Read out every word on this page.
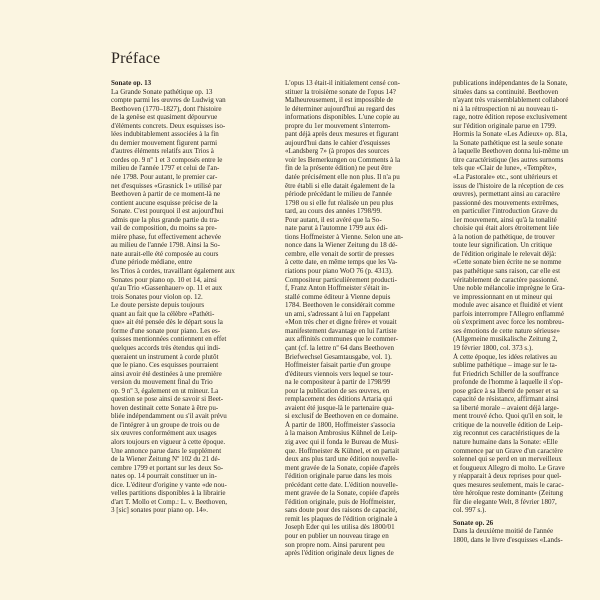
Préface
Sonate op. 13
La Grande Sonate pathétique op. 13
compte parmi les œuvres de Ludwig van
Beethoven (1770–1827), dont l'histoire
de la genèse est quasiment dépourvue
d'éléments concrets. Deux esquisses iso-
lées indubitablement associées à la fin
du dernier mouvement figurent parmi
d'autres éléments relatifs aux Trios à
cordes op. 9 nº 1 et 3 composés entre le
milieu de l'année 1797 et celui de l'an-
née 1798. Pour autant, le premier car-
net d'esquisses «Grasnick 1» utilisé par
Beethoven à partir de ce moment-là ne
contient aucune esquisse précise de la
Sonate. C'est pourquoi il est aujourd'hui
admis que la plus grande partie du tra-
vail de composition, du moins sa pre-
mière phase, fut effectivement achevée
au milieu de l'année 1798. Ainsi la So-
nate aurait-elle été composée au cours
d'une période médiane, entre
les Trios à cordes, travaillant également aux
Sonates pour piano op. 10 et 14, ainsi
qu'au Trio «Gassenhauer» op. 11 et aux
trois Sonates pour violon op. 12.
Le doute persiste depuis toujours
quant au fait que la célèbre «Pathéti-
que» ait été pensée dès le départ sous la
forme d'une sonate pour piano. Les es-
quisses mentionnées contiennent en effet
quelques accords très étendus qui indi-
queraient un instrument à corde plutôt
que le piano. Ces esquisses pourraient
ainsi avoir été destinées à une première
version du mouvement final du Trio
op. 9 nº 3, également en ut mineur. La
question se pose ainsi de savoir si Beet-
hoven destinait cette Sonate à être pu-
bliée indépendamment ou s'il avait prévu
de l'intégrer à un groupe de trois ou de
six œuvres conformément aux usages
alors toujours en vigueur à cette époque.
Une annonce parue dans le supplément
de la Wiener Zeitung Nº 102 du 21 dé-
cembre 1799 et portant sur les deux So-
nates op. 14 pourrait constituer un in-
dice. L'éditeur d'origine y vante «de nou-
velles partitions disponibles à la librairie
d'art T. Mollo et Comp.: L. v. Beethoven,
3 [sic] sonates pour piano op. 14».
L'opus 13 était-il initialement censé con-
stituer la troisième sonate de l'opus 14?
Malheureusement, il est impossible de
le déterminer aujourd'hui au regard des
informations disponibles. L'une copie au
propre du 1er mouvement s'interrom-
pant déjà après deux mesures et figurant
aujourd'hui dans le cahier d'esquisses
«Landsberg 7» (à propos des sources
voir les Bemerkungen ou Comments à la
fin de la présente édition) ne peut être
datée précisément elle non plus. Il n'a pu
être établi si elle datait également de la
période précédant le milieu de l'année
1798 ou si elle fut réalisée un peu plus
tard, au cours des années 1798/99.
Pour autant, il est avéré que la So-
nate parut à l'automne 1799 aux édi-
tions Hoffmeister à Vienne. Selon une an-
nonce dans la Wiener Zeitung du 18 dé-
cembre, elle venait de sortir de presses
à cette date, en même temps que les Va-
riations pour piano WoO 76 (p. 4313).
Compositeur particulièrement producti-
f, Franz Anton Hoffmeister s'était in-
stallé comme éditeur à Vienne depuis
1784. Beethoven le considérait comme
un ami, s'adressant à lui en l'appelant
«Mon très cher et digne frère» et vouait
manifestement davantage en lui l'artiste
aux affinités communes que le commer-
çant (cf. la lettre nº 64 dans Beethoven
Briefwechsel Gesamtausgabe, vol. 1).
Hoffmeister faisait partie d'un groupe
d'éditeurs viennois vers lequel se tour-
na le compositeur à partir de 1798/99
pour la publication de ses œuvres, en
remplacement des éditions Artaria qui
avaient été jusque-là le partenaire qua-
si exclusif de Beethoven en ce domaine.
À partir de 1800, Hoffmeister s'associa
à la maison Ambrosius Kühnel de Leip-
zig avec qui il fonda le Bureau de Musi-
que. Hoffmeister & Kühnel, et en partait
deux ans plus tard une édition nouvelle-
ment gravée de la Sonate, copiée d'après
l'édition originale parue dans les mois
précédant cette date. L'édition nouvelle-
ment gravée de la Sonate, copiée d'après
l'édition originale, puis de Hoffmeister,
sans doute pour des raisons de capacité,
remit les plaques de l'édition originale à
Joseph Eder qui les utilisa dès 1800/01
pour en publier un nouveau tirage en
son propre nom. Ainsi parurent peu
après l'édition originale deux lignes de
publications indépendantes de la Sonate,
situées dans sa continuité. Beethoven
n'ayant très vraisemblablement collaboré
ni à la rétrospection ni au nouveau ti-
rage, notre édition repose exclusivement
sur l'édition originale parue en 1799.
Hormis la Sonate «Les Adieux» op. 81a,
la Sonate pathétique est la seule sonate
à laquelle Beethoven donna lui-même un
titre caractéristique (les autres surnoms
tels que «Clair de lune», «Tempête»,
«La Pastorale» etc., sont ultérieurs et
issus de l'histoire de la réception de ces
œuvres), permettant ainsi au caractère
passionné des mouvements extrêmes,
en particulier l'introduction Grave du
1er mouvement, ainsi qu'à la tonalité
choisie qui était alors étroitement liée
à la notion de pathétique, de trouver
toute leur signification. Un critique
de l'édition originale le relevait déjà:
«Cette sonate bien écrite ne se nomme
pas pathétique sans raison, car elle est
véritablement de caractère passionné.
Une noble mélancolie imprègne le Gra-
ve impressionnant en ut mineur qui
module avec aisance et fluidité et vient
parfois interrompre l'Allegro enflammé
où s'expriment avec force les nombreu-
ses émotions de cette nature sérieuse»
(Allgemeine musikalische Zeitung 2,
19 février 1800, col. 373 s.).
À cette époque, les idées relatives au
sublime pathétique – image sur le ta-
fut Friedrich Schiller de la souffrance
profonde de l'homme à laquelle il s'op-
pose grâce à sa liberté de penser et sa
capacité de résistance, affirmant ainsi
sa liberté morale – avaient déjà large-
ment trouvé écho. Quoi qu'il en soit, le
critique de la nouvelle édition de Leip-
zig reconnut ces caractéristiques de la
nature humaine dans la Sonate: «Elle
commence par un Grave d'un caractère
solennel qui se perd en un merveilleux
et fougueux Allegro di molto. Le Grave
y réapparait à deux reprises pour quel-
ques mesures seulement, mais le carac-
tère héroïque reste dominant» (Zeitung
für die elegante Welt, 8 février 1807,
col. 997 s.).
Sonate op. 26
Dans la deuxième moitié de l'année
1800, dans le livre d'esquisses «Lands-
